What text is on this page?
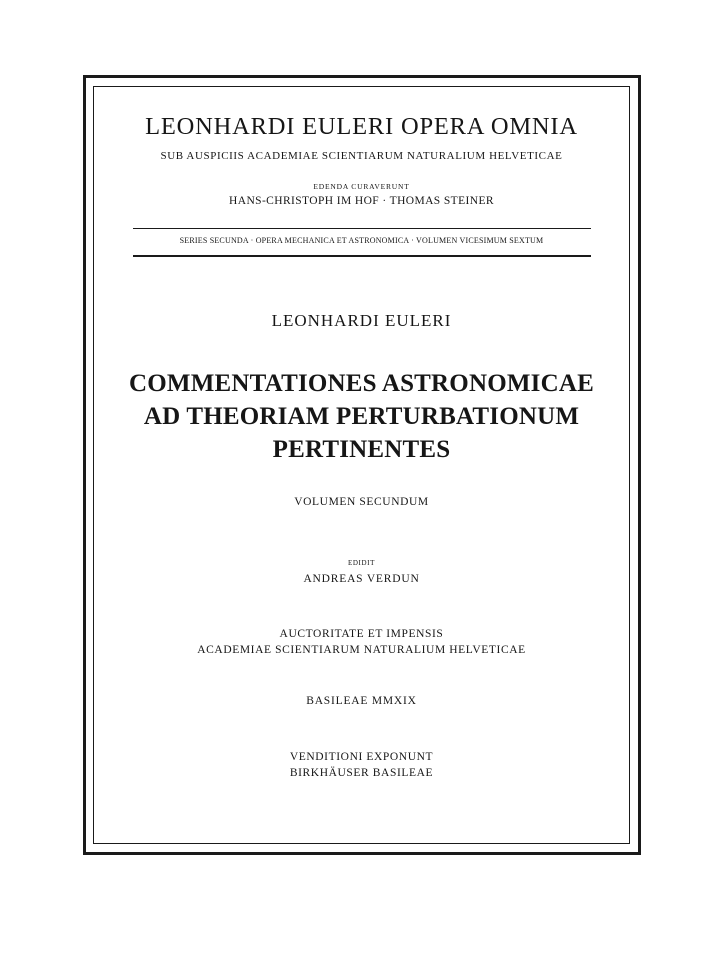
LEONHARDI EULERI OPERA OMNIA
SUB AUSPICIIS ACADEMIAE SCIENTIARUM NATURALIUM HELVETICAE
EDENDA CURAVERUNT
HANS-CHRISTOPH IM HOF · THOMAS STEINER
SERIES SECUNDA · OPERA MECHANICA ET ASTRONOMICA · VOLUMEN VICESIMUM SEXTUM
LEONHARDI EULERI
COMMENTATIONES ASTRONOMICAE
AD THEORIAM PERTURBATIONUM
PERTINENTES
VOLUMEN SECUNDUM
EDIDIT
ANDREAS VERDUN
AUCTORITATE ET IMPENSIS
ACADEMIAE SCIENTIARUM NATURALIUM HELVETICAE
BASILEAE MMXIX
VENDITIONI EXPONUNT
BIRKHÄUSER BASILEAE
